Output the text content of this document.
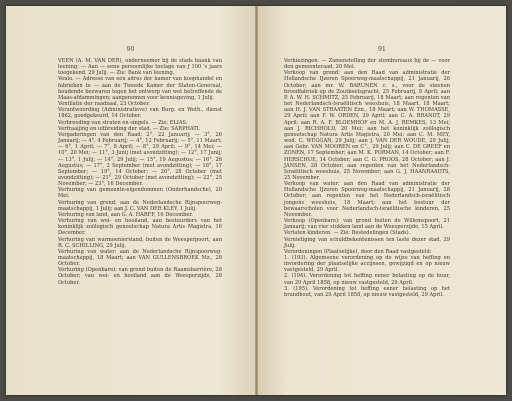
90

VEEN (A. M. VAN DER), onderneemer bij de stads baank van leening: — Aan — eene persoonlijke toelage van ƒ 100 's jaars toegekend, 29 Julij. — Zie: Bank van leening.

Venlo. — Adresse van een adres der kamer van koophandel en fabrieken te — aan de Tweede Kamer der Staten-Generaal, houdende bezwaren tegen het ontwerp van wet betreffende de Maas-afdammingen; aangenomen voor kennisgeving, 1 Julij.

Ventilatie der raadzaal, 23 October.

Verantwoording (Administratieve) van Burg. en Weth., dienst 1862, goedgekeurd, 14 October.

Verbreeding van straten en singels. — Zie: ELIAS.

Verfraaijing en uitbreiding der stad. — Zie: SARPHATI.

Vergaderingen van den Raad: 2°, 22 Januarij; — 3°, 26 Januarij; — 4°, 4 Februarij; — 4°, 12 Februarij; — 5°, 11 Maart; — 6°, 1 April; — 7°, 8 April; — 8°, 29 April; — 9°, 14 Mei; — 10°, 20 Mei; — 11°, 3 Junij (met avondzitting); — 12°, 17 Junij; — 13°, 1 Julij; — 14°, 29 Julij; — 15°, 19 Augustus; — 16°, 26 Augustus; — 17°, 2 September (met avondzitting); — 18°, 17 September; — 19°, 14 October; — 20°, 28 October (met avondzitting); — 21°, 29 October (met avondzitting); — 22°, 25 November; — 23°, 16 December.

Verhuring van gemeente-eigendommen (Onderhandsche), 20 Mei.

Verhuring van grond: aan de Nederlandsche Rijnspoorweg-maatschappij, 1 Julij; aan J. C. VAN DER KLEY, 1 Julij.

Verhuring van land, aan G. A. HARFF, 16 December.

Verhuring van wei- en hooiland, aan bestuurders van het koninklijk zoölogisch genootschap Natura Artis Magistra, 16 December.

Verhuring van warmoeniersland, buiten de Weesperpoort, aan R. C. SCHILLING, 29 Julij.

Verhuring van water: aan de Nederlandsche Rijnspoorweg-maatschappij, 18 Maart; aan VAN GULLENSBROEK Mz., 28 October.

Verhuring (Openbare): van grond buiten de Raamsbarrière, 28 October; van wei- en hooiland aan de Weesperzijde, 28 October.

91

Verkiezingen. — Zamenstelling der stembureaux bij de — voor den gemeenteraad, 20 Mei.

Verkoop van grond: aan den Raad van administratie der Hollandsche IJzeren Spoorweg-maatschappij, 21 Januarij, 26 October; aan mr. W. BARUNEN c. s., voor de steenen broodfabriek op de Zoutkeetsgracht, 25 Februarij, 8 April; aan P. A. W. H. SCHMITZ, 25 Februarij, 18 Maart; aan regenten van het Nederlandsch-Israëlitisch weeshuis, 18 Maart, 18 Maart; aan H. J. VAN STRAATEN Ezn., 18 Maart; aan W. THOMASSE, 29 April; aan F. W. ORDEN, 29 April; aan C. A. BRANDT, 29 April; aan R. A. F. BLOEMHOF en M. A. J. REMKES, 13 Mei; aan J. RICHHOLD, 20 Mei; aan het koninklijk zoölogisch genootschap Natura Artis Magistra, 20 Mei; aan C. M. MEY, wed. C. WEGGAN, 29 Julij; aan J. VAN DER WOUDE, 29 Julij; aan Gebr. VAN MOOREN en C°., 29 Julij; aan C. DE GREEF en ZONEN, 17 September; aan M. K. PORMAN, 14 October; aan F. HERSCHUE, 14 October; aan C. G. PROOS, 28 October; aan J. JANSEN, 28 October; aan regenten van het Nederlandsch-Israëlitisch weeshuis, 25 November; aan G. J. HAANRAADTS, 25 November.

Verkoop van water: aan den Raad van administratie der Hollandsche IJzeren Spoorweg-maatschappij, 21 Januarij, 28 October; aan regenten van het Nederlandsch-israëlitisch jongens weeshuis, 18 Maart; aan het bestuur der bewaarscholen voor Nederlandsch-israëlitische kinderen, 25 November.

Verkoop (Openbare): van grond buiten de Willemspoort, 21 Januarij; van vier stukken land aan de Weesperzijde, 15 April.

Verlaten kinderen. — Zie: Bestedelingen (Stads).

Vernietiging van schuldbekentenissen ten laste dezer stad, 29 Julij.

Verordeningen (Plaatselijke), door den Raad vastgesteld:

1. (193). Algemeene verordening op de wijze van heffing en invordering der plaatselijke accijnsen, gewijzigd en op nieuw vastgesteld, 29 April.

2. (194). Verordening tot heffing eener belasting op de huur, van 29 April 1858, op nieuw vastgesteld, 29 April.

3. (195). Verordening tot heffing eener belasting op het brandhout, van 29 April 1858, op nieuw vastgesteld, 29 April.
